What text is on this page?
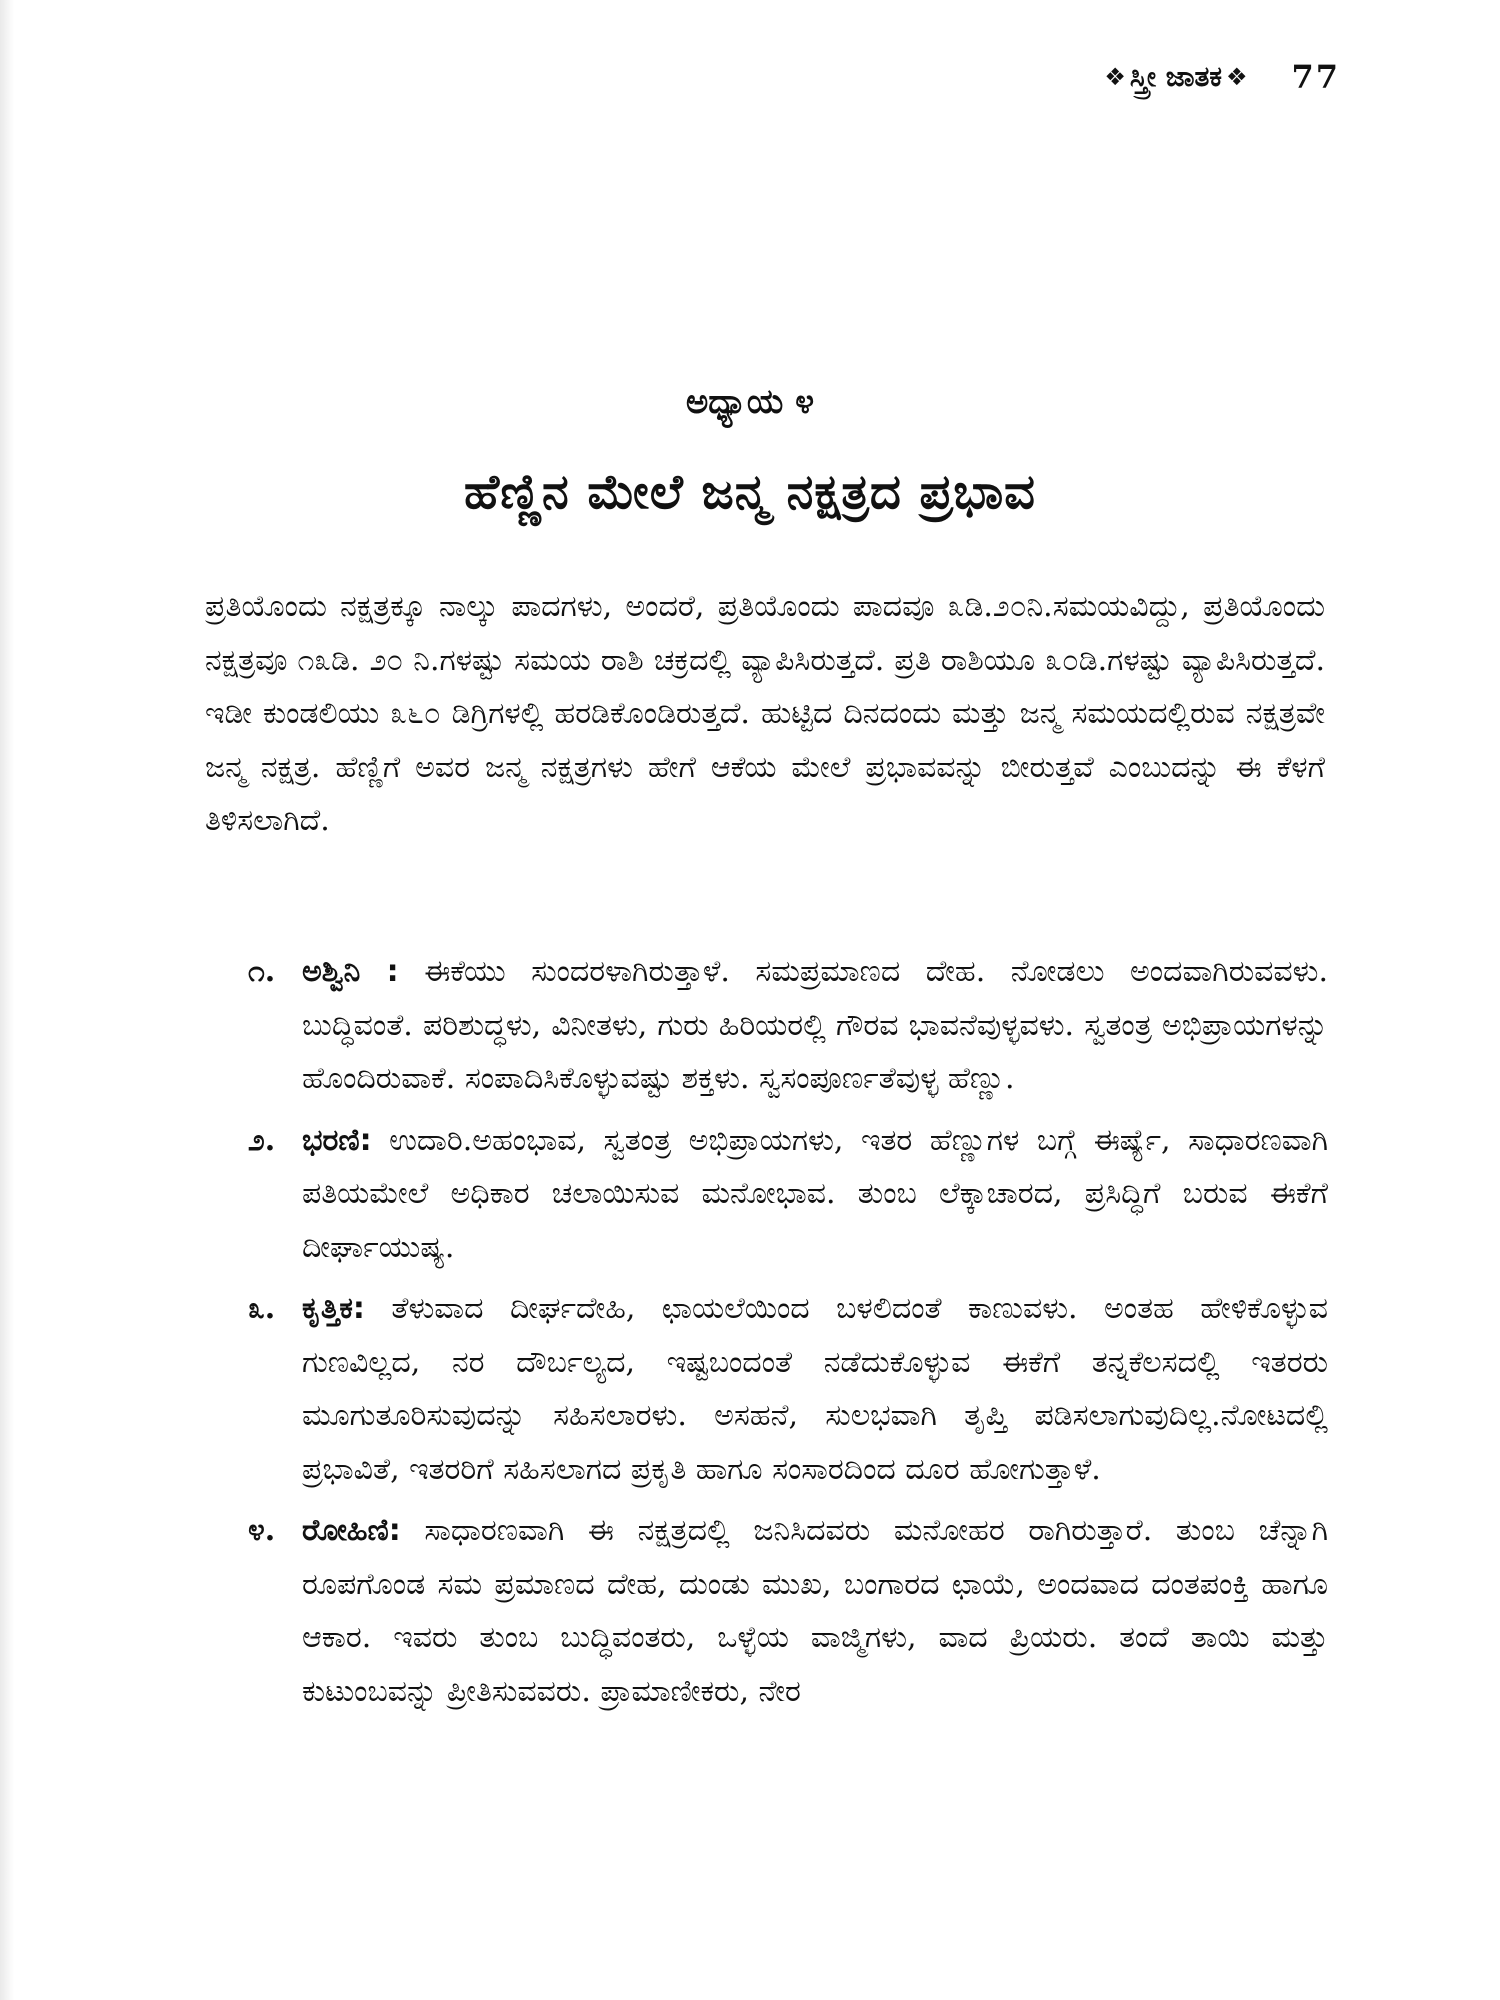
❖ ಸ್ತ್ರೀ ಜಾತಕ ❖ 77
ಅಧ್ಯಾಯ ೪
ಹೆಣ್ಣಿನ ಮೇಲೆ ಜನ್ಮ ನಕ್ಷತ್ರದ ಪ್ರಭಾವ

ಪ್ರತಿಯೊಂದು ನಕ್ಷತ್ರಕ್ಕೂ ನಾಲ್ಕು ಪಾದಗಳು, ಅಂದರೆ, ಪ್ರತಿಯೊಂದು ಪಾದವೂ ೩ಡಿ.೨೦ನಿ.ಸಮಯವಿದ್ದು, ಪ್ರತಿಯೊಂದು ನಕ್ಷತ್ರವೂ ೧೩ಡಿ. ೨೦ ನಿ.ಗಳಷ್ಟು ಸಮಯ ರಾಶಿ ಚಕ್ರದಲ್ಲಿ ವ್ಯಾಪಿಸಿರುತ್ತದೆ. ಪ್ರತಿ ರಾಶಿಯೂ ೩೦ಡಿ.ಗಳಷ್ಟು ವ್ಯಾಪಿಸಿರುತ್ತದೆ. ಇಡೀ ಕುಂಡಲಿಯು ೩೬೦ ಡಿಗ್ರಿಗಳಲ್ಲಿ ಹರಡಿಕೊಂಡಿರುತ್ತದೆ. ಹುಟ್ಟಿದ ದಿನದಂದು ಮತ್ತು ಜನ್ಮ ಸಮಯದಲ್ಲಿರುವ ನಕ್ಷತ್ರವೇ ಜನ್ಮ ನಕ್ಷತ್ರ. ಹೆಣ್ಣಿಗೆ ಅವರ ಜನ್ಮ ನಕ್ಷತ್ರಗಳು ಹೇಗೆ ಆಕೆಯ ಮೇಲೆ ಪ್ರಭಾವವನ್ನು ಬೀರುತ್ತವೆ ಎಂಬುದನ್ನು ಈ ಕೆಳಗೆ ತಿಳಿಸಲಾಗಿದೆ.

೧. ಅಶ್ವಿನಿ : ಈಕೆಯು ಸುಂದರಳಾಗಿರುತ್ತಾಳೆ. ಸಮಪ್ರಮಾಣದ ದೇಹ. ನೋಡಲು ಅಂದವಾಗಿರುವವಳು. ಬುದ್ಧಿವಂತೆ. ಪರಿಶುದ್ಧಳು, ವಿನೀತಳು, ಗುರು ಹಿರಿಯರಲ್ಲಿ ಗೌರವ ಭಾವನೆವುಳ್ಳವಳು. ಸ್ವತಂತ್ರ ಅಭಿಪ್ರಾಯಗಳನ್ನು ಹೊಂದಿರುವಾಕೆ. ಸಂಪಾದಿಸಿಕೊಳ್ಳುವಷ್ಟು ಶಕ್ತಳು. ಸ್ವಸಂಪೂರ್ಣತೆವುಳ್ಳ ಹೆಣ್ಣು.
೨. ಭರಣಿ: ಉದಾರಿ.ಅಹಂಭಾವ, ಸ್ವತಂತ್ರ ಅಭಿಪ್ರಾಯಗಳು, ಇತರ ಹೆಣ್ಣುಗಳ ಬಗ್ಗೆ ಈರ್ಷ್ಯೆ, ಸಾಧಾರಣವಾಗಿ ಪತಿಯಮೇಲೆ ಅಧಿಕಾರ ಚಲಾಯಿಸುವ ಮನೋಭಾವ. ತುಂಬ ಲೆಕ್ಕಾಚಾರದ, ಪ್ರಸಿದ್ಧಿಗೆ ಬರುವ ಈಕೆಗೆ ದೀರ್ಘಾಯುಷ್ಯ.
೩. ಕೃತ್ತಿಕ: ತೆಳುವಾದ ದೀರ್ಘದೇಹಿ, ಛಾಯಲೆಯಿಂದ ಬಳಲಿದಂತೆ ಕಾಣುವಳು. ಅಂತಹ ಹೇಳಿಕೊಳ್ಳುವ ಗುಣವಿಲ್ಲದ, ನರ ದೌರ್ಬಲ್ಯದ, ಇಷ್ಟಬಂದಂತೆ ನಡೆದುಕೊಳ್ಳುವ ಈಕೆಗೆ ತನ್ನಕೆಲಸದಲ್ಲಿ ಇತರರು ಮೂಗುತೂರಿಸುವುದನ್ನು ಸಹಿಸಲಾರಳು. ಅಸಹನೆ, ಸುಲಭವಾಗಿ ತೃಪ್ತಿ ಪಡಿಸಲಾಗುವುದಿಲ್ಲ.ನೋಟದಲ್ಲಿ ಪ್ರಭಾವಿತೆ, ಇತರರಿಗೆ ಸಹಿಸಲಾಗದ ಪ್ರಕೃತಿ ಹಾಗೂ ಸಂಸಾರದಿಂದ ದೂರ ಹೋಗುತ್ತಾಳೆ.
೪. ರೋಹಿಣಿ: ಸಾಧಾರಣವಾಗಿ ಈ ನಕ್ಷತ್ರದಲ್ಲಿ ಜನಿಸಿದವರು ಮನೋಹರ ರಾಗಿರುತ್ತಾರೆ. ತುಂಬ ಚೆನ್ನಾಗಿ ರೂಪಗೊಂಡ ಸಮ ಪ್ರಮಾಣದ ದೇಹ, ದುಂಡು ಮುಖ, ಬಂಗಾರದ ಛಾಯೆ, ಅಂದವಾದ ದಂತಪಂಕ್ತಿ ಹಾಗೂ ಆಕಾರ. ಇವರು ತುಂಬ ಬುದ್ಧಿವಂತರು, ಒಳ್ಳೆಯ ವಾಜ್ಮಿಗಳು, ವಾದ ಪ್ರಿಯರು. ತಂದೆ ತಾಯಿ ಮತ್ತು ಕುಟುಂಬವನ್ನು ಪ್ರೀತಿಸುವವರು. ಪ್ರಾಮಾಣೀಕರು, ನೇರ
